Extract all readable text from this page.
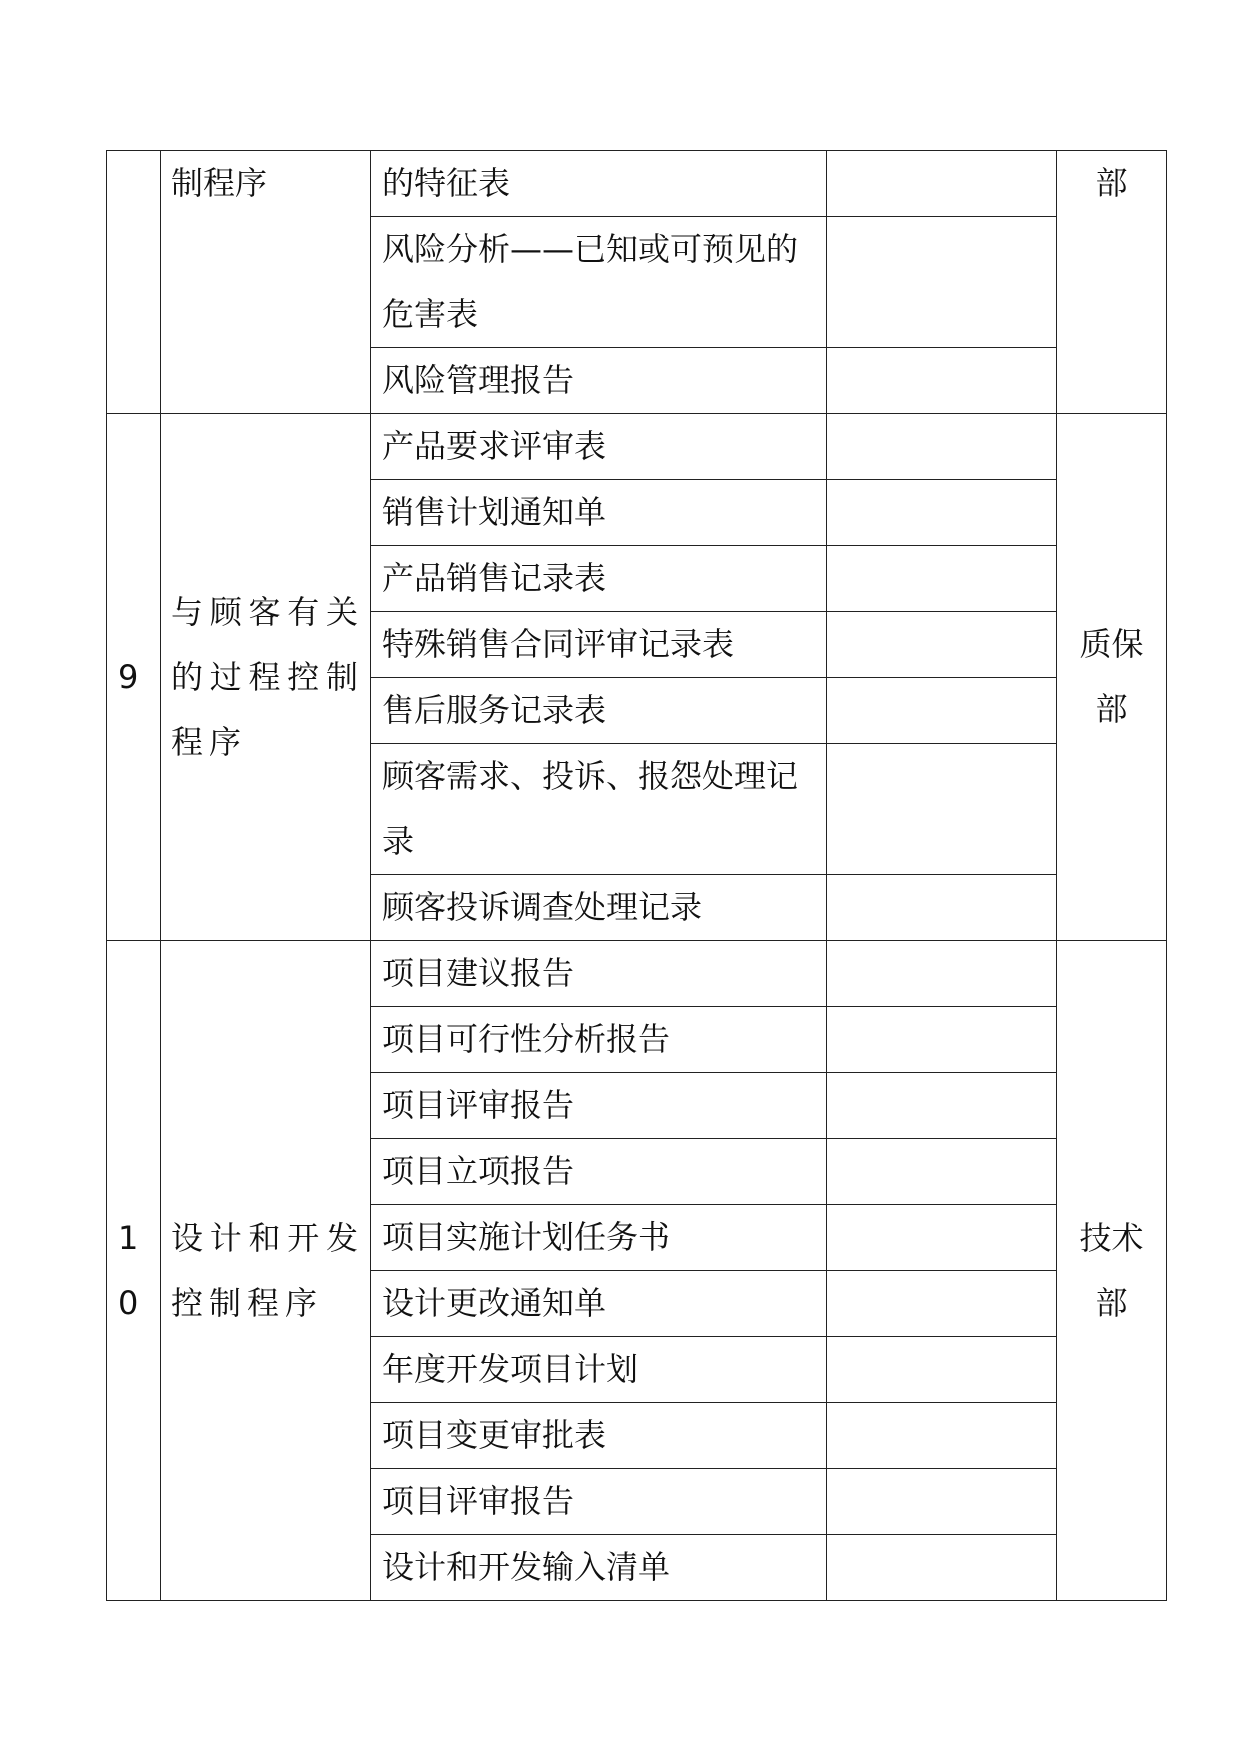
	制程序	的特征表		部
		风险分析——已知或可预见的危害表		
		风险管理报告		

9	与顾客有关的过程控制程序	产品要求评审表		质保部
		销售计划通知单		
		产品销售记录表		
		特殊销售合同评审记录表		
		售后服务记录表		
		顾客需求、投诉、报怨处理记录		
		顾客投诉调查处理记录		

10	设计和开发控制程序	项目建议报告		技术部
		项目可行性分析报告		
		项目评审报告		
		项目立项报告		
		项目实施计划任务书		
		设计更改通知单		
		年度开发项目计划		
		项目变更审批表		
		项目评审报告		
		设计和开发输入清单		
